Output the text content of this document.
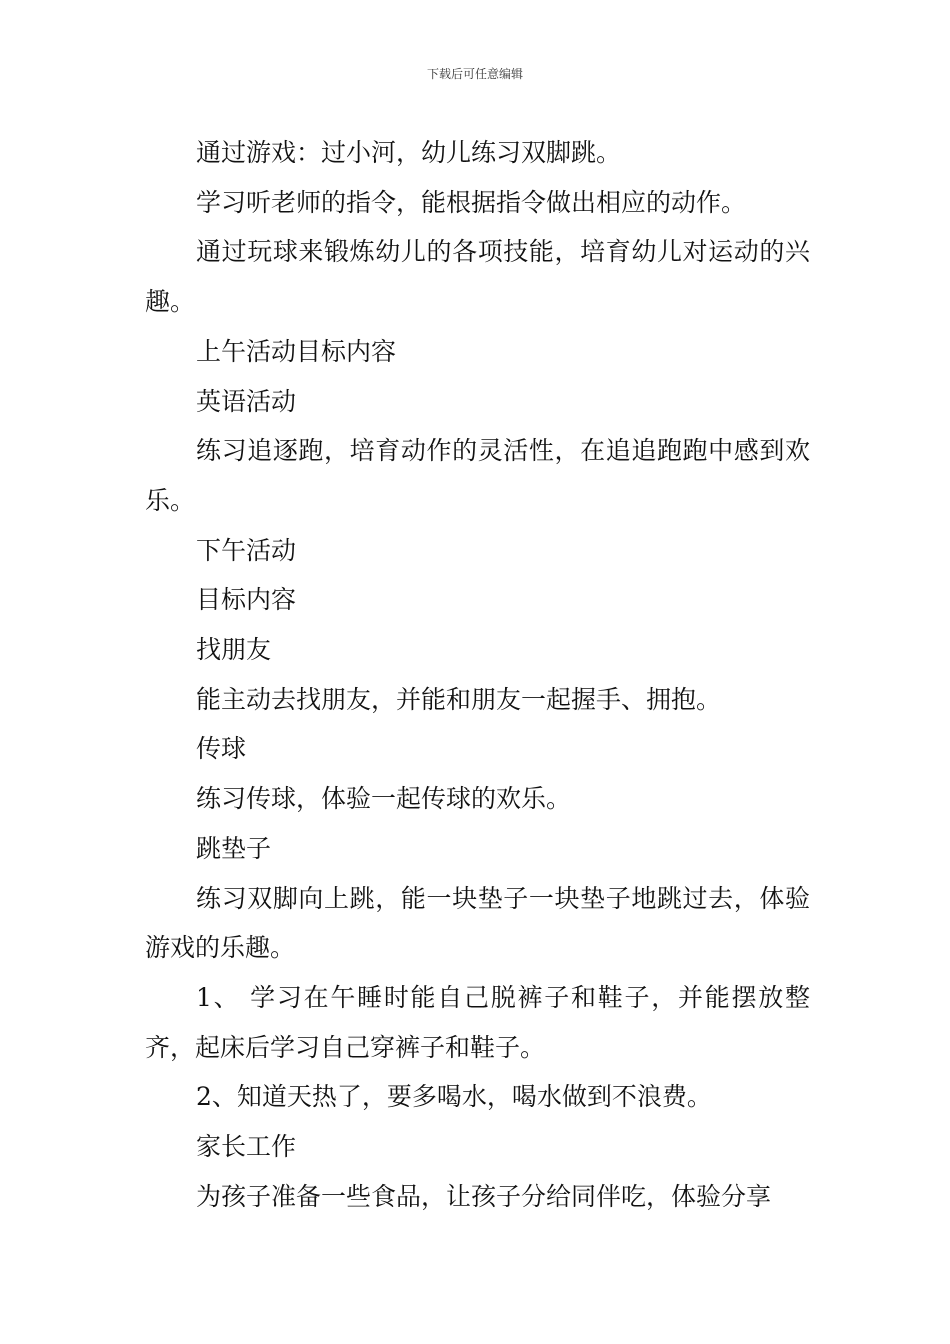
下载后可任意编辑

通过游戏：过小河，幼儿练习双脚跳。

学习听老师的指令，能根据指令做出相应的动作。

通过玩球来锻炼幼儿的各项技能，培育幼儿对运动的兴趣。

上午活动目标内容

英语活动

练习追逐跑，培育动作的灵活性，在追追跑跑中感到欢乐。

下午活动

目标内容

找朋友

能主动去找朋友，并能和朋友一起握手、拥抱。

传球

练习传球，体验一起传球的欢乐。

跳垫子

练习双脚向上跳，能一块垫子一块垫子地跳过去，体验游戏的乐趣。

1、 学习在午睡时能自己脱裤子和鞋子，并能摆放整齐，起床后学习自己穿裤子和鞋子。

2、知道天热了，要多喝水，喝水做到不浪费。

家长工作

为孩子准备一些食品，让孩子分给同伴吃，体验分享
